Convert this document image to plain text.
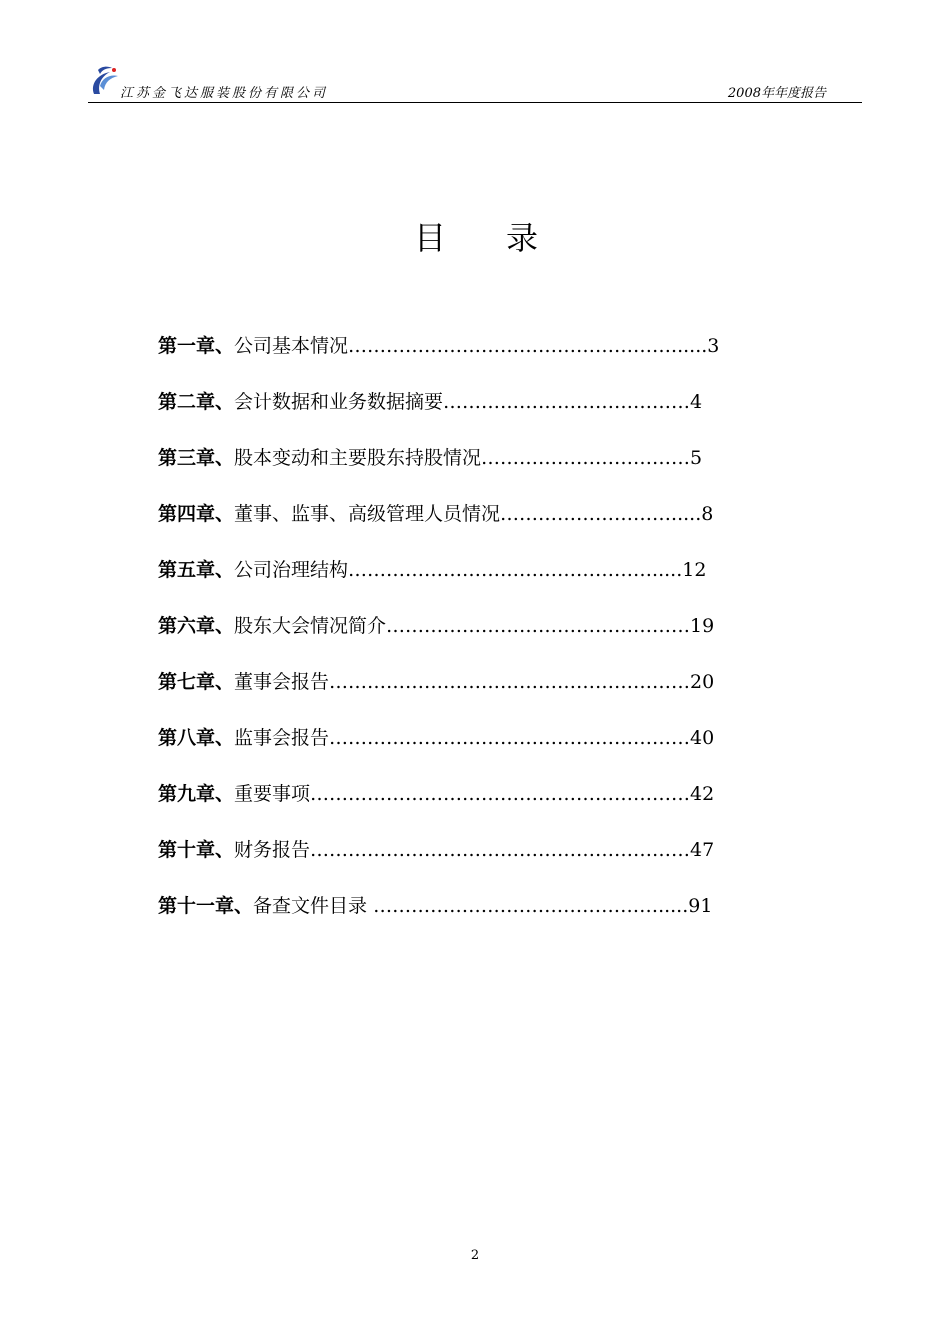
江苏金飞达服装股份有限公司	2008年年度报告
目 录
第一章、公司基本情况……………………………………………......3
第二章、会计数据和业务数据摘要…………………………………4
第三章、股本变动和主要股东持股情况……………………………5
第四章、董事、监事、高级管理人员情况……………………….....8
第五章、公司治理结构………………………………………….....12
第六章、股东大会情况简介…………………………………………19
第七章、董事会报告…………………………………………………20
第八章、监事会报告…………………………………………………40
第九章、重要事项……………………………………………………42
第十章、财务报告……………………………………………………47
第十一章、备查文件目录 ……………………………………….....91
2
